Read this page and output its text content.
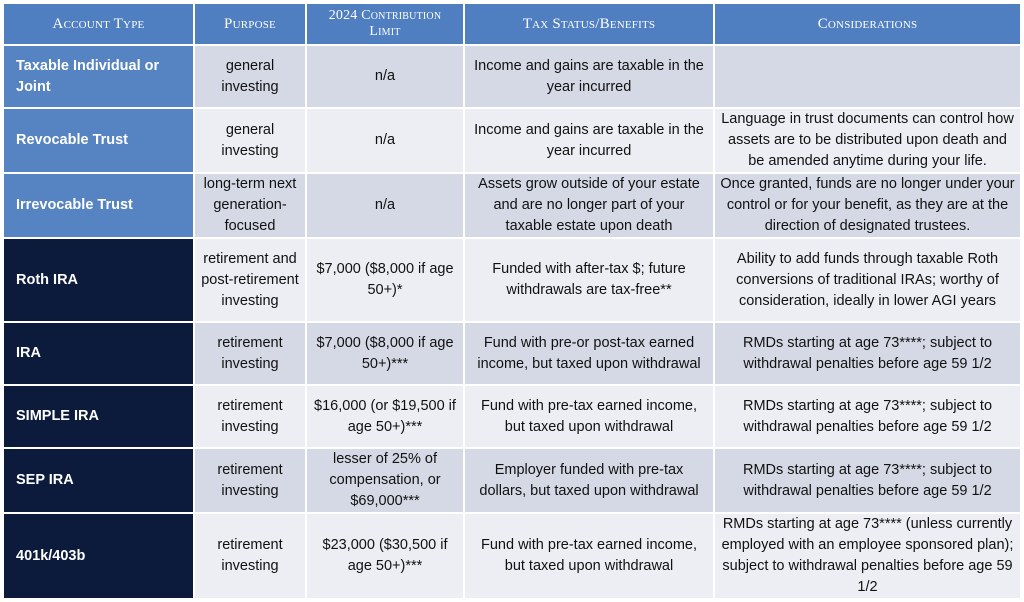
Account Type	Purpose	2024 Contribution Limit	Tax Status/Benefits	Considerations
Taxable Individual or Joint	general investing	n/a	Income and gains are taxable in the year incurred	
Revocable Trust	general investing	n/a	Income and gains are taxable in the year incurred	Language in trust documents can control how assets are to be distributed upon death and be amended anytime during your life.
Irrevocable Trust	long-term next generation-focused	n/a	Assets grow outside of your estate and are no longer part of your taxable estate upon death	Once granted, funds are no longer under your control or for your benefit, as they are at the direction of designated trustees.
Roth IRA	retirement and post-retirement investing	$7,000 ($8,000 if age 50+)*	Funded with after-tax $; future withdrawals are tax-free**	Ability to add funds through taxable Roth conversions of traditional IRAs; worthy of consideration, ideally in lower AGI years
IRA	retirement investing	$7,000 ($8,000 if age 50+)***	Fund with pre-or post-tax earned income, but taxed upon withdrawal	RMDs starting at age 73****; subject to withdrawal penalties before age 59 1/2
SIMPLE IRA	retirement investing	$16,000 (or $19,500 if age 50+)***	Fund with pre-tax earned income, but taxed upon withdrawal	RMDs starting at age 73****; subject to withdrawal penalties before age 59 1/2
SEP IRA	retirement investing	lesser of 25% of compensation, or $69,000***	Employer funded with pre-tax dollars, but taxed upon withdrawal	RMDs starting at age 73****; subject to withdrawal penalties before age 59 1/2
401k/403b	retirement investing	$23,000 ($30,500 if age 50+)***	Fund with pre-tax earned income, but taxed upon withdrawal	RMDs starting at age 73**** (unless currently employed with an employee sponsored plan); subject to withdrawal penalties before age 59 1/2
